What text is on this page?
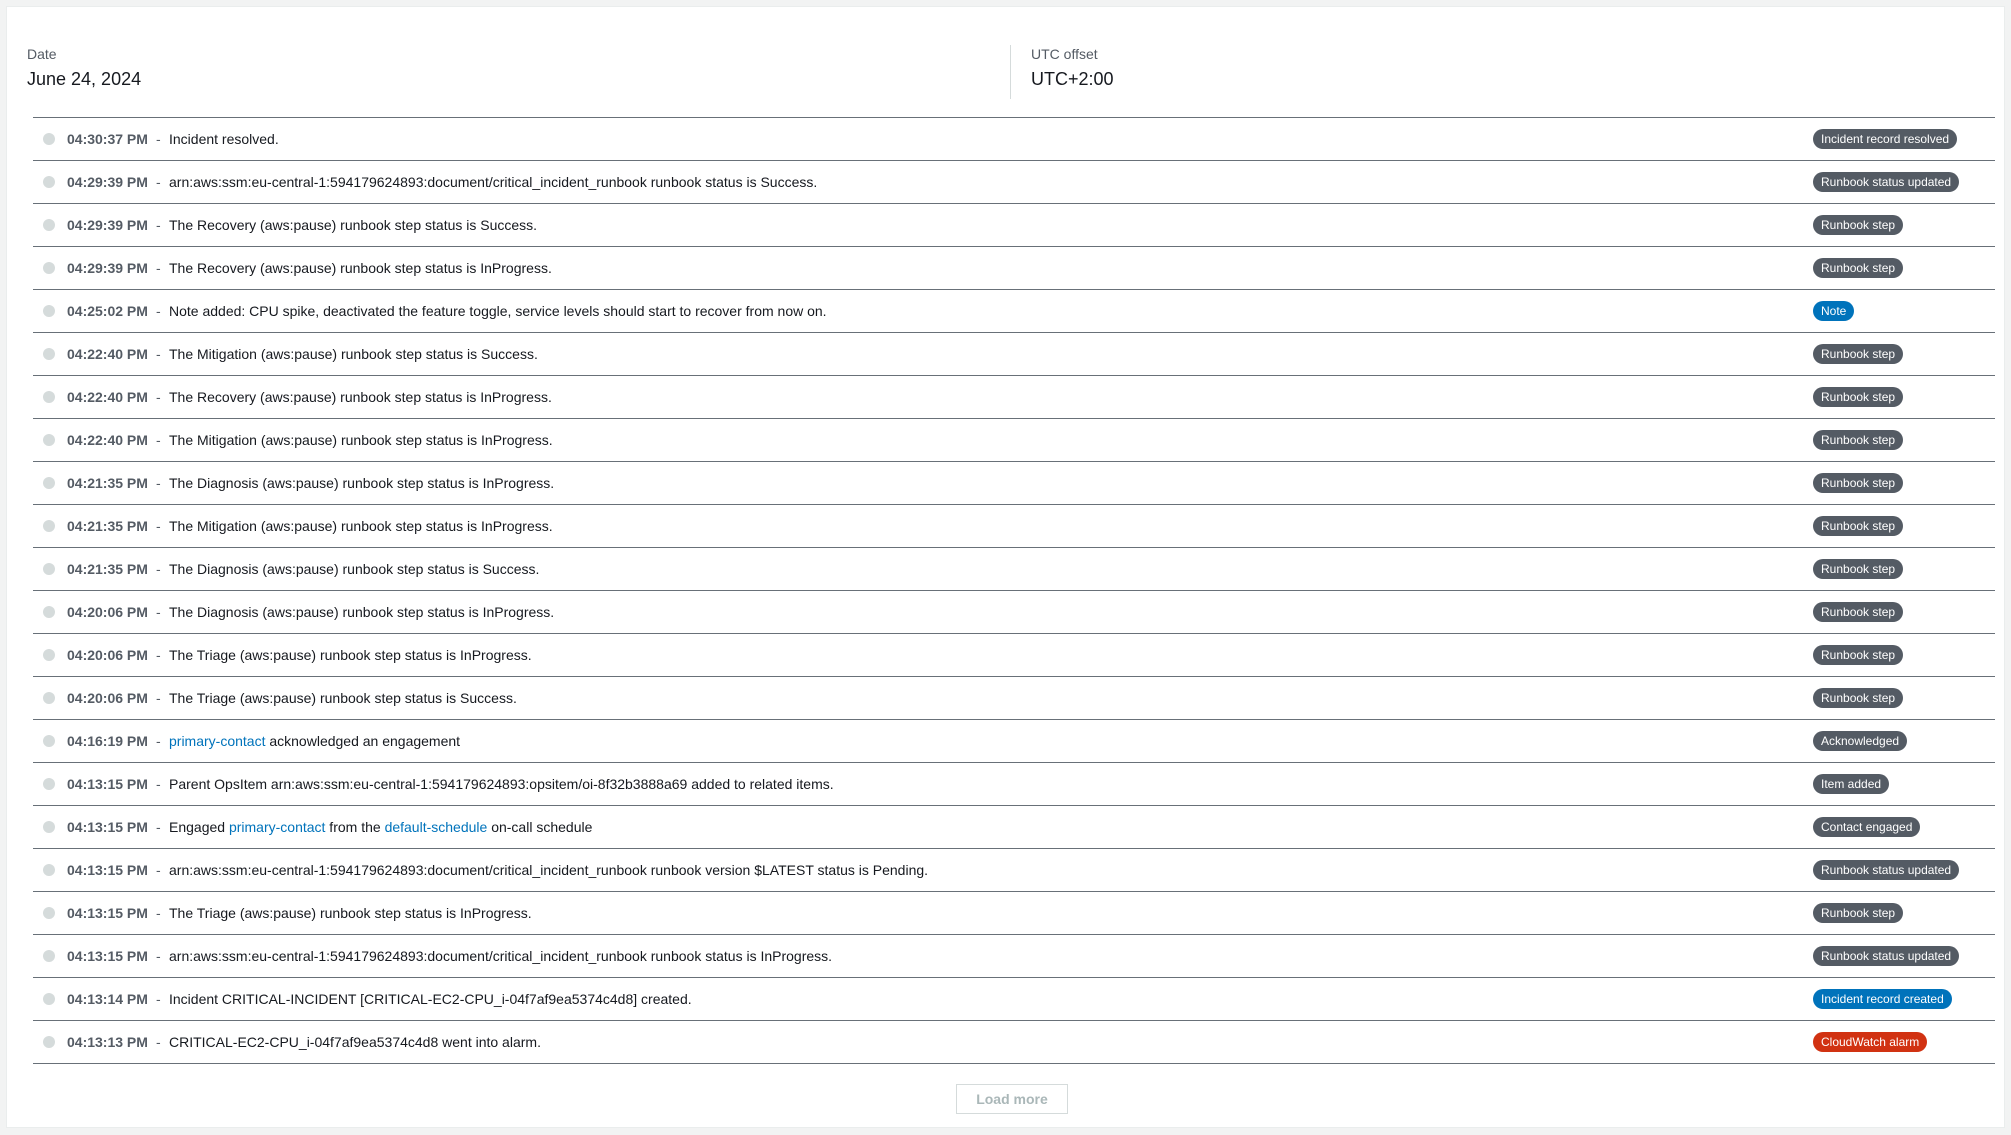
Date
June 24, 2024
UTC offset
UTC+2:00
04:30:37 PM - Incident resolved.	Incident record resolved
04:29:39 PM - arn:aws:ssm:eu-central-1:594179624893:document/critical_incident_runbook runbook status is Success.	Runbook status updated
04:29:39 PM - The Recovery (aws:pause) runbook step status is Success.	Runbook step
04:29:39 PM - The Recovery (aws:pause) runbook step status is InProgress.	Runbook step
04:25:02 PM - Note added: CPU spike, deactivated the feature toggle, service levels should start to recover from now on.	Note
04:22:40 PM - The Mitigation (aws:pause) runbook step status is Success.	Runbook step
04:22:40 PM - The Recovery (aws:pause) runbook step status is InProgress.	Runbook step
04:22:40 PM - The Mitigation (aws:pause) runbook step status is InProgress.	Runbook step
04:21:35 PM - The Diagnosis (aws:pause) runbook step status is InProgress.	Runbook step
04:21:35 PM - The Mitigation (aws:pause) runbook step status is InProgress.	Runbook step
04:21:35 PM - The Diagnosis (aws:pause) runbook step status is Success.	Runbook step
04:20:06 PM - The Diagnosis (aws:pause) runbook step status is InProgress.	Runbook step
04:20:06 PM - The Triage (aws:pause) runbook step status is InProgress.	Runbook step
04:20:06 PM - The Triage (aws:pause) runbook step status is Success.	Runbook step
04:16:19 PM - primary-contact acknowledged an engagement	Acknowledged
04:13:15 PM - Parent OpsItem arn:aws:ssm:eu-central-1:594179624893:opsitem/oi-8f32b3888a69 added to related items.	Item added
04:13:15 PM - Engaged primary-contact from the default-schedule on-call schedule	Contact engaged
04:13:15 PM - arn:aws:ssm:eu-central-1:594179624893:document/critical_incident_runbook runbook version $LATEST status is Pending.	Runbook status updated
04:13:15 PM - The Triage (aws:pause) runbook step status is InProgress.	Runbook step
04:13:15 PM - arn:aws:ssm:eu-central-1:594179624893:document/critical_incident_runbook runbook status is InProgress.	Runbook status updated
04:13:14 PM - Incident CRITICAL-INCIDENT [CRITICAL-EC2-CPU_i-04f7af9ea5374c4d8] created.	Incident record created
04:13:13 PM - CRITICAL-EC2-CPU_i-04f7af9ea5374c4d8 went into alarm.	CloudWatch alarm
Load more
